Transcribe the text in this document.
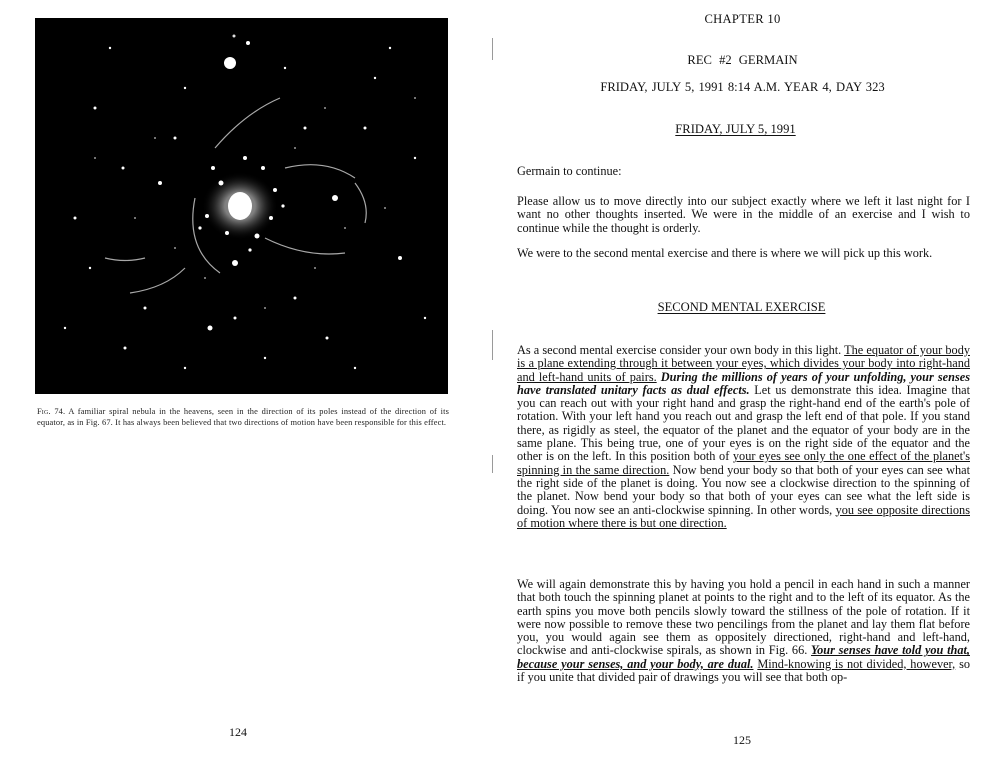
Fig. 74. A familiar spiral nebula in the heavens, seen in the direction of its poles instead of the direction of its equator, as in Fig. 67. It has always been believed that two directions of motion have been responsible for this effect.
124
CHAPTER 10
REC #2 GERMAIN
FRIDAY, JULY 5, 1991 8:14 A.M. YEAR 4, DAY 323
FRIDAY, JULY 5, 1991

Germain to continue:

Please allow us to move directly into our subject exactly where we left it last night for I want no other thoughts inserted. We were in the middle of an exercise and I wish to continue while the thought is orderly.

We were to the second mental exercise and there is where we will pick up this work.

SECOND MENTAL EXERCISE

As a second mental exercise consider your own body in this light. The equator of your body is a plane extending through it between your eyes, which divides your body into right-hand and left-hand units of pairs. During the millions of years of your unfolding, your senses have translated unitary facts as dual effects. Let us demonstrate this idea. Imagine that you can reach out with your right hand and grasp the right-hand end of the earth's pole of rotation. With your left hand you reach out and grasp the left end of that pole. If you stand there, as rigidly as steel, the equator of the planet and the equator of your body are in the same plane. This being true, one of your eyes is on the right side of the equator and the other is on the left. In this position both of your eyes see only the one effect of the planet's spinning in the same direction. Now bend your body so that both of your eyes can see what the right side of the planet is doing. You now see a clockwise direction to the spinning of the planet. Now bend your body so that both of your eyes can see what the left side is doing. You now see an anti-clockwise spinning. In other words, you see opposite directions of motion where there is but one direction.

We will again demonstrate this by having you hold a pencil in each hand in such a manner that both touch the spinning planet at points to the right and to the left of its equator. As the earth spins you move both pencils slowly toward the stillness of the pole of rotation. If it were now possible to remove these two pencilings from the planet and lay them flat before you, you would again see them as oppositely directioned, right-hand and left-hand, clockwise and anti-clockwise spirals, as shown in Fig. 66. Your senses have told you that, because your senses, and your body, are dual. Mind-knowing is not divided, however, so if you unite that divided pair of drawings you will see that both op-

125
